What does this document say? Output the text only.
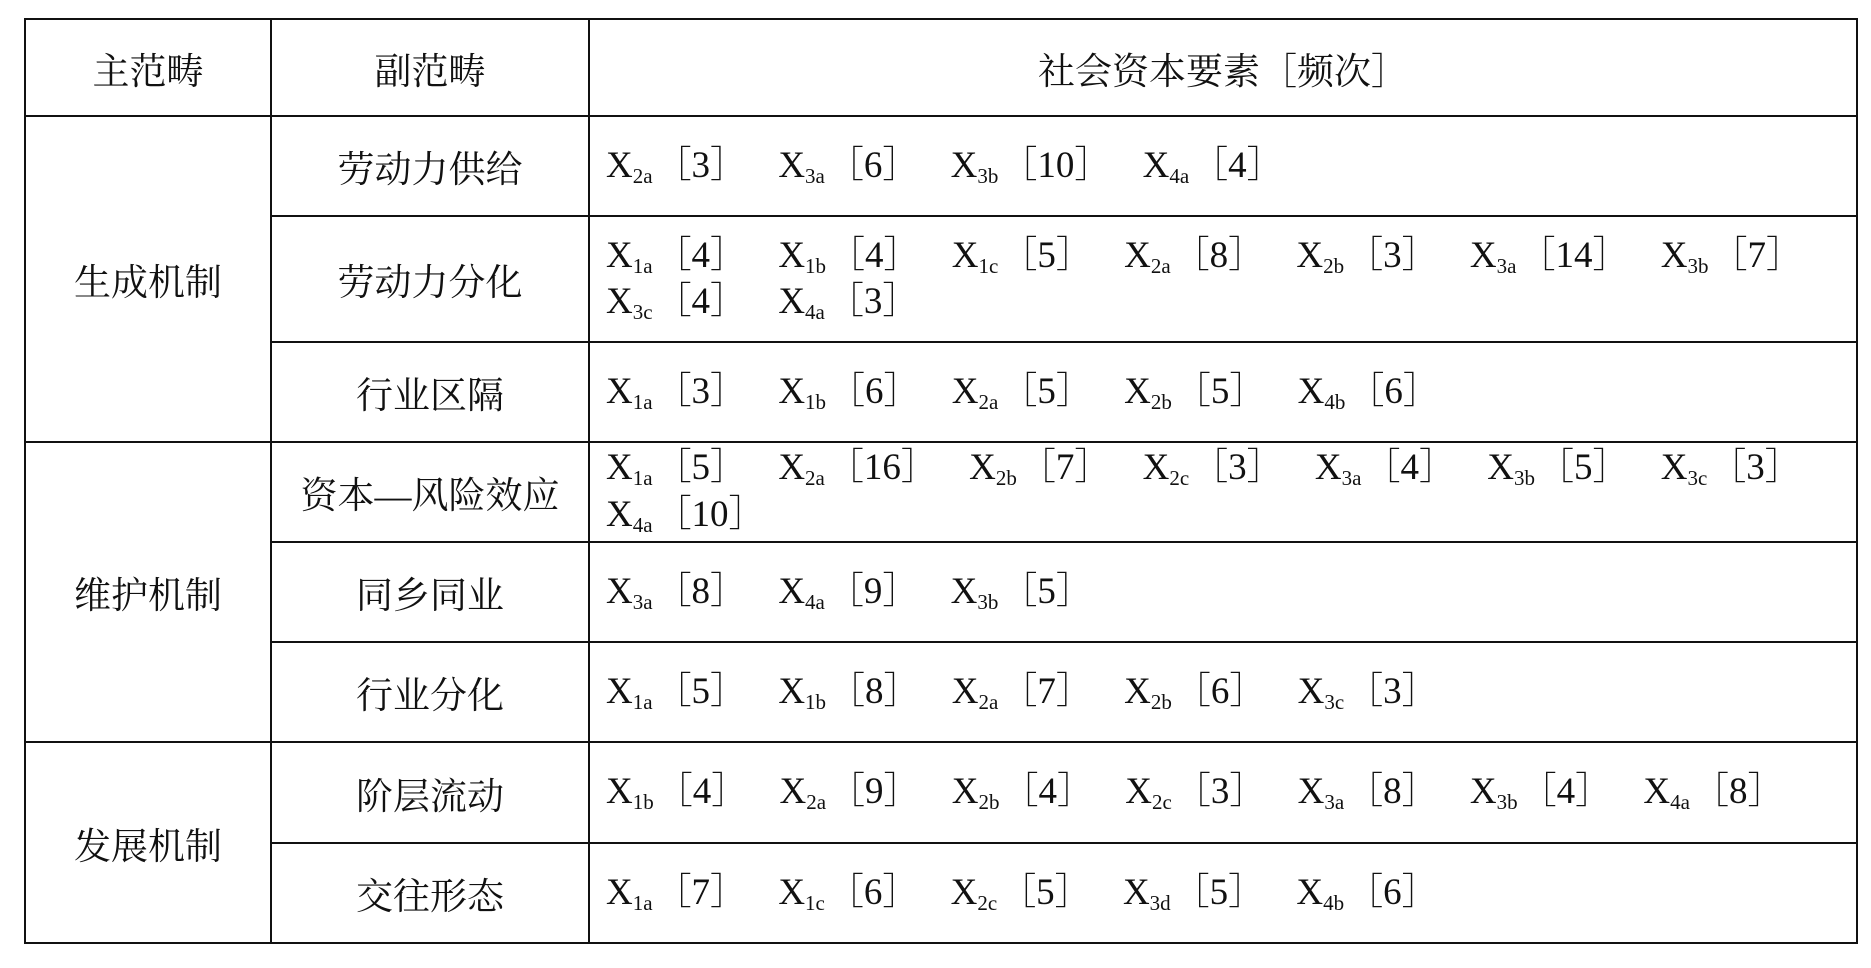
主范畴	副范畴	社会资本要素［频次］
生成机制	劳动力供给	$X_{2a}[3]$ $X_{3a}[6]$ $X_{3b}[10]$ $X_{4a}[4]$
	劳动力分化	$X_{1a}[4]$ $X_{1b}[4]$ $X_{1c}[5]$ $X_{2a}[8]$ $X_{2b}[3]$ $X_{3a}[14]$ $X_{3b}[7]$ $X_{3c}[4]$ $X_{4a}[3]$
	行业区隔	$X_{1a}[3]$ $X_{1b}[6]$ $X_{2a}[5]$ $X_{2b}[5]$ $X_{4b}[6]$
维护机制	资本—风险效应	$X_{1a}[5]$ $X_{2a}[16]$ $X_{2b}[7]$ $X_{2c}[3]$ $X_{3a}[4]$ $X_{3b}[5]$ $X_{3c}[3]$ $X_{4a}[10]$
	同乡同业	$X_{3a}[8]$ $X_{4a}[9]$ $X_{3b}[5]$
	行业分化	$X_{1a}[5]$ $X_{1b}[8]$ $X_{2a}[7]$ $X_{2b}[6]$ $X_{3c}[3]$
发展机制	阶层流动	$X_{1b}[4]$ $X_{2a}[9]$ $X_{2b}[4]$ $X_{2c}[3]$ $X_{3a}[8]$ $X_{3b}[4]$ $X_{4a}[8]$
	交往形态	$X_{1a}[7]$ $X_{1c}[6]$ $X_{2c}[5]$ $X_{3d}[5]$ $X_{4b}[6]$
